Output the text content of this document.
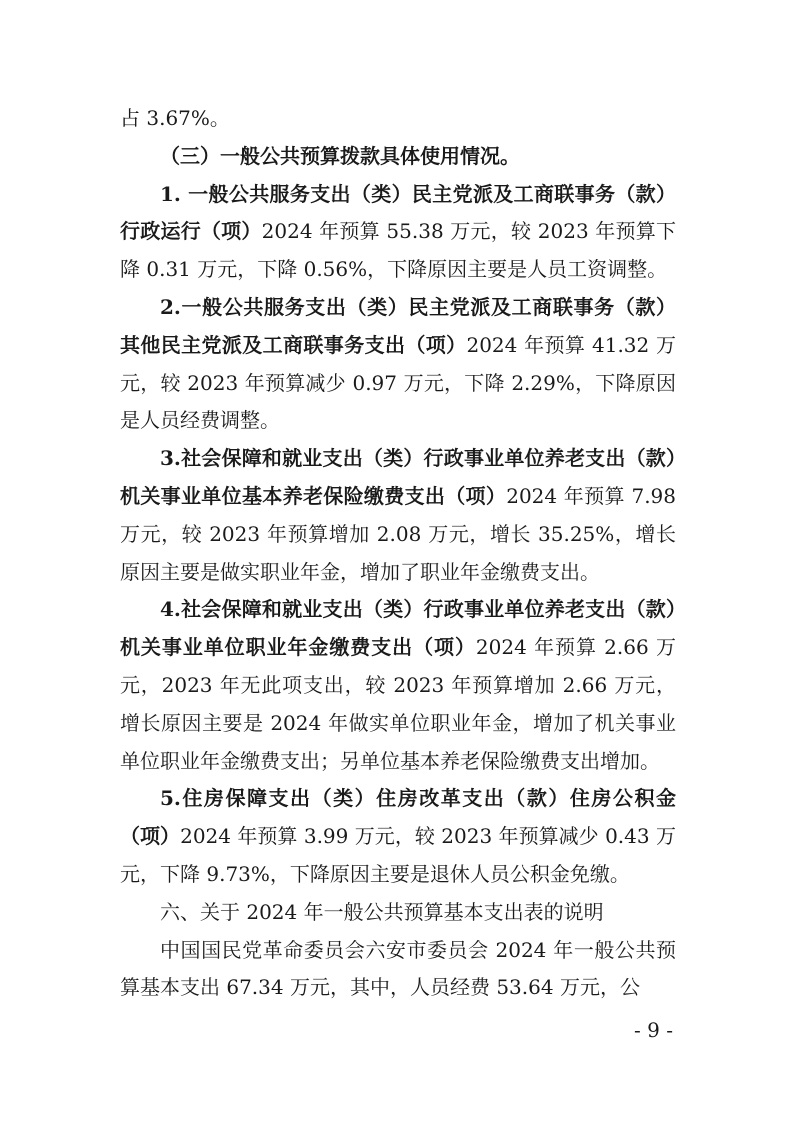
占 3.67%。

（三）一般公共预算拨款具体使用情况。

1. 一般公共服务支出（类）民主党派及工商联事务（款）行政运行（项）2024 年预算 55.38 万元，较 2023 年预算下降 0.31 万元，下降 0.56%，下降原因主要是人员工资调整。

2.一般公共服务支出（类）民主党派及工商联事务（款）其他民主党派及工商联事务支出（项）2024 年预算 41.32 万元，较 2023 年预算减少 0.97 万元，下降 2.29%，下降原因是人员经费调整。

3.社会保障和就业支出（类）行政事业单位养老支出（款）机关事业单位基本养老保险缴费支出（项）2024 年预算 7.98 万元，较 2023 年预算增加 2.08 万元，增长 35.25%，增长原因主要是做实职业年金，增加了职业年金缴费支出。

4.社会保障和就业支出（类）行政事业单位养老支出（款）机关事业单位职业年金缴费支出（项）2024 年预算 2.66 万元，2023 年无此项支出，较 2023 年预算增加 2.66 万元，增长原因主要是 2024 年做实单位职业年金，增加了机关事业单位职业年金缴费支出；另单位基本养老保险缴费支出增加。

5.住房保障支出（类）住房改革支出（款）住房公积金（项）2024 年预算 3.99 万元，较 2023 年预算减少 0.43 万元，下降 9.73%，下降原因主要是退休人员公积金免缴。

六、关于 2024 年一般公共预算基本支出表的说明

中国国民党革命委员会六安市委员会 2024 年一般公共预算基本支出 67.34 万元，其中，人员经费 53.64 万元，公

- 9 -
